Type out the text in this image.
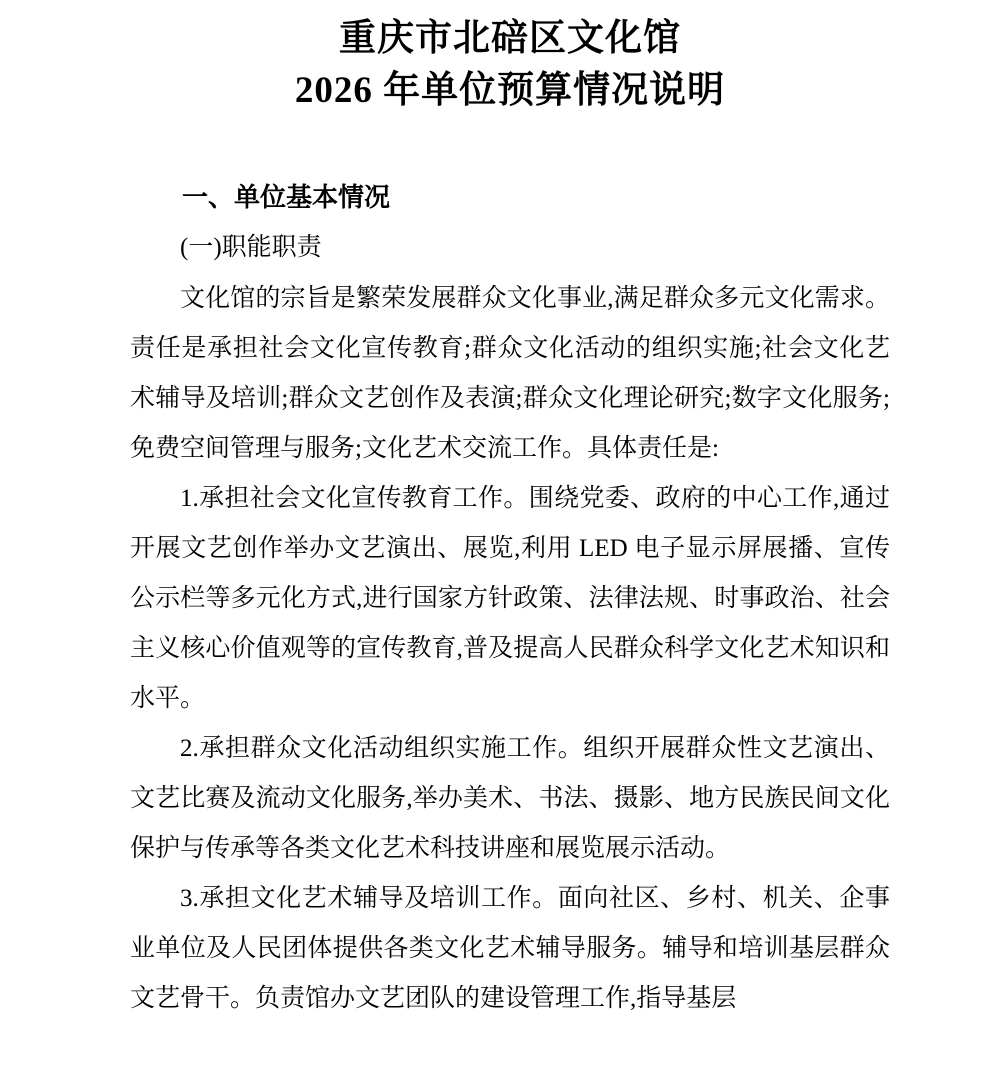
重庆市北碚区文化馆
2026 年单位预算情况说明
一、单位基本情况
(一)职能职责

文化馆的宗旨是繁荣发展群众文化事业,满足群众多元文化需求。责任是承担社会文化宣传教育;群众文化活动的组织实施;社会文化艺术辅导及培训;群众文艺创作及表演;群众文化理论研究;数字文化服务;免费空间管理与服务;文化艺术交流工作。具体责任是:

1.承担社会文化宣传教育工作。围绕党委、政府的中心工作,通过开展文艺创作举办文艺演出、展览,利用 LED 电子显示屏展播、宣传公示栏等多元化方式,进行国家方针政策、法律法规、时事政治、社会主义核心价值观等的宣传教育,普及提高人民群众科学文化艺术知识和水平。

2.承担群众文化活动组织实施工作。组织开展群众性文艺演出、文艺比赛及流动文化服务,举办美术、书法、摄影、地方民族民间文化保护与传承等各类文化艺术科技讲座和展览展示活动。

3.承担文化艺术辅导及培训工作。面向社区、乡村、机关、企事业单位及人民团体提供各类文化艺术辅导服务。辅导和培训基层群众文艺骨干。负责馆办文艺团队的建设管理工作,指导基层
